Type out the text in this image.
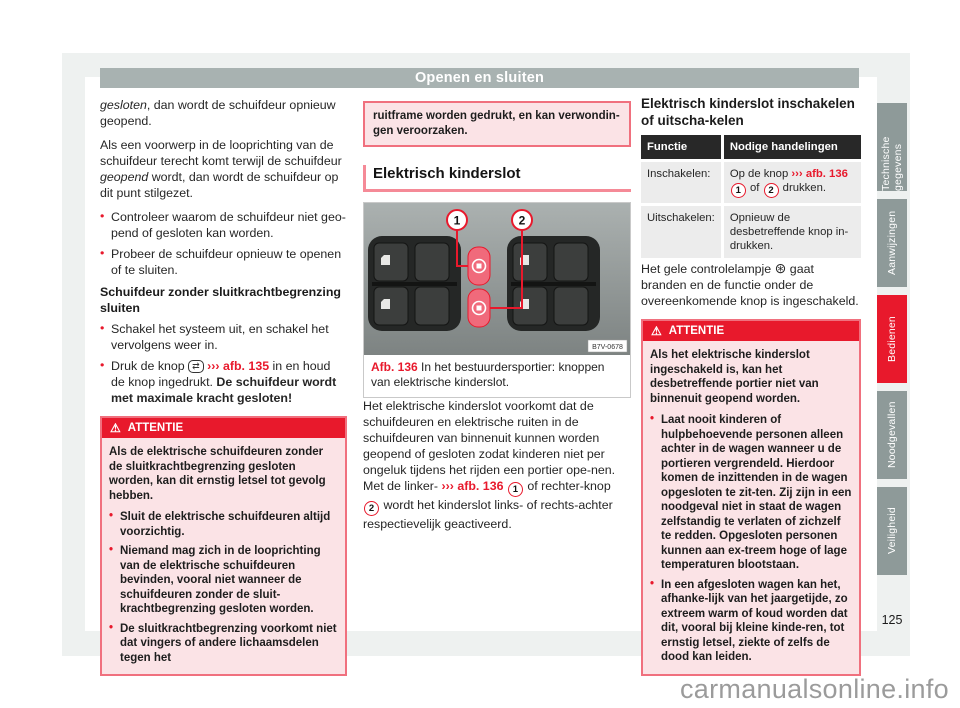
Openen en sluiten

gesloten, dan wordt de schuifdeur opnieuw geopend.

Als een voorwerp in de looprichting van de schuifdeur terecht komt terwijl de schuifdeur geopend wordt, dan wordt de schuifdeur op dit punt stilgezet.

• Controleer waarom de schuifdeur niet geo-pend of gesloten kan worden.
• Probeer de schuifdeur opnieuw te openen of te sluiten.
Schuifdeur zonder sluitkrachtbegrenzing sluiten
• Schakel het systeem uit, en schakel het vervolgens weer in.
• Druk de knop ⇄ ››› afb. 135 in en houd de knop ingedrukt. De schuifdeur wordt met maximale kracht gesloten!
⚠ ATTENTIE

Als de elektrische schuifdeuren zonder de sluitkrachtbegrenzing gesloten worden, kan dit ernstig letsel tot gevolg hebben.

• Sluit de elektrische schuifdeuren altijd voorzichtig.
• Niemand mag zich in de looprichting van de elektrische schuifdeuren bevinden, vooral niet wanneer de schuifdeuren zonder de sluit-krachtbegrenzing gesloten worden.
• De sluitkrachtbegrenzing voorkomt niet dat vingers of andere lichaamsdelen tegen het
ruitframe worden gedrukt, en kan verwondin-gen veroorzaken.
Elektrisch kinderslot
1	2
B7V-0678
Afb. 136 In het bestuurdersportier: knoppen van elektrische kinderslot.

Het elektrische kinderslot voorkomt dat de schuifdeuren en elektrische ruiten in de schuifdeuren van binnenuit kunnen worden geopend of gesloten zodat kinderen niet per ongeluk tijdens het rijden een portier ope-nen. Met de linker- ››› afb. 136 1 of rechter-knop 2 wordt het kinderslot links- of rechts-achter respectievelijk geactiveerd.

Elektrisch kinderslot inschakelen of uitscha-kelen
Functie	Nodige handelingen
Inschakelen:	Op de knop ››› afb. 136 1 of 2 drukken.
Uitschakelen:	Opnieuw de desbetreffende knop in-drukken.

Het gele controlelampje ⊛ gaat branden en de functie onder de overeenkomende knop is ingeschakeld.

⚠ ATTENTIE

Als het elektrische kinderslot ingeschakeld is, kan het desbetreffende portier niet van binnenuit geopend worden.

• Laat nooit kinderen of hulpbehoevende personen alleen achter in de wagen wanneer u de portieren vergrendeld. Hierdoor komen de inzittenden in de wagen opgesloten te zit-ten. Zij zijn in een noodgeval niet in staat de wagen zelfstandig te verlaten of zichzelf te redden. Opgesloten personen kunnen aan ex-treem hoge of lage temperaturen blootstaan.
• In een afgesloten wagen kan het, afhanke-lijk van het jaargetijde, zo extreem warm of koud worden dat dit, vooral bij kleine kinde-ren, tot ernstig letsel, ziekte of zelfs de dood kan leiden.
Technische gegevens
Aanwijzingen
Bedienen
Noodgevallen
Veiligheid
125
carmanualsonline.info
